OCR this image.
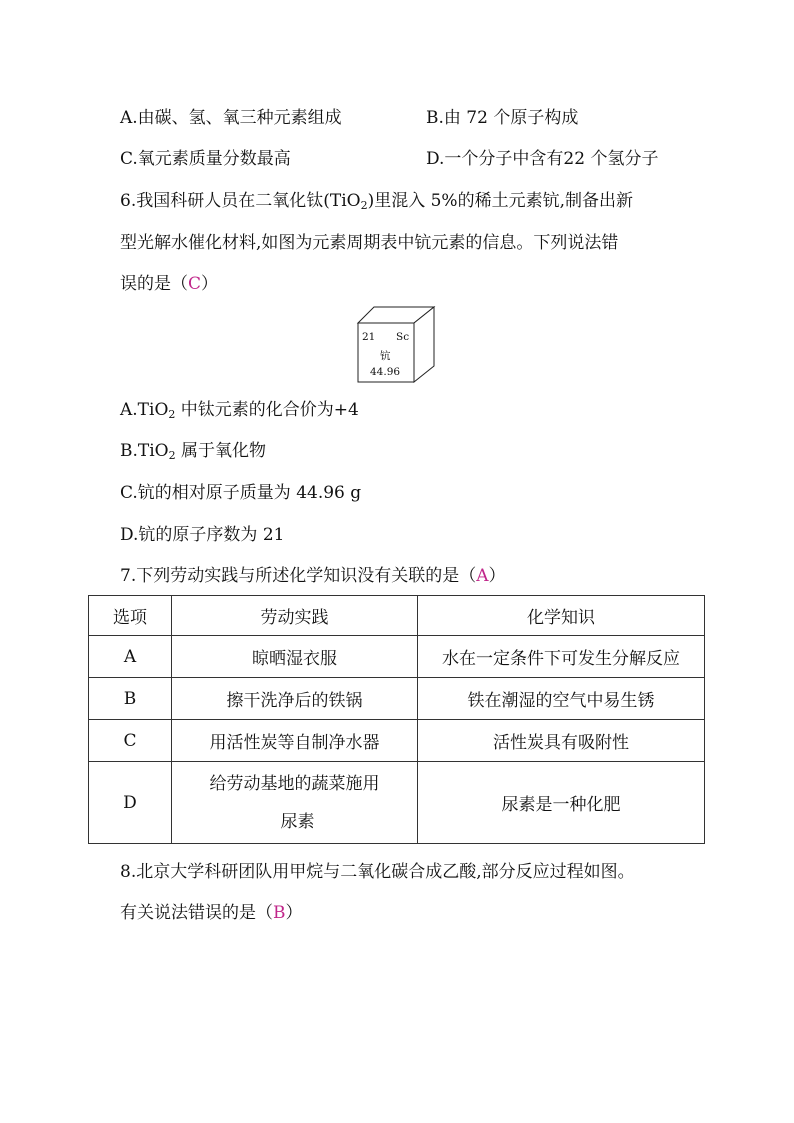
A.由碳、氢、氧三种元素组成	B.由 72 个原子构成
C.氧元素质量分数最高	D.一个分子中含有22 个氢分子
6.我国科研人员在二氧化钛(TiO$_2$)里混入 5%的稀土元素钪,制备出新
型光解水催化材料,如图为元素周期表中钪元素的信息。下列说法错
误的是（C）
21 Sc
钪
44.96
A.TiO$_2$ 中钛元素的化合价为+4
B.TiO$_2$ 属于氧化物
C.钪的相对原子质量为 44.96 g
D.钪的原子序数为 21
7.下列劳动实践与所述化学知识没有关联的是（A）
选项	劳动实践	化学知识
A	晾晒湿衣服	水在一定条件下可发生分解反应
B	擦干洗净后的铁锅	铁在潮湿的空气中易生锈
C	用活性炭等自制净水器	活性炭具有吸附性
D	给劳动基地的蔬菜施用
尿素	尿素是一种化肥
8.北京大学科研团队用甲烷与二氧化碳合成乙酸,部分反应过程如图。
有关说法错误的是（B）
